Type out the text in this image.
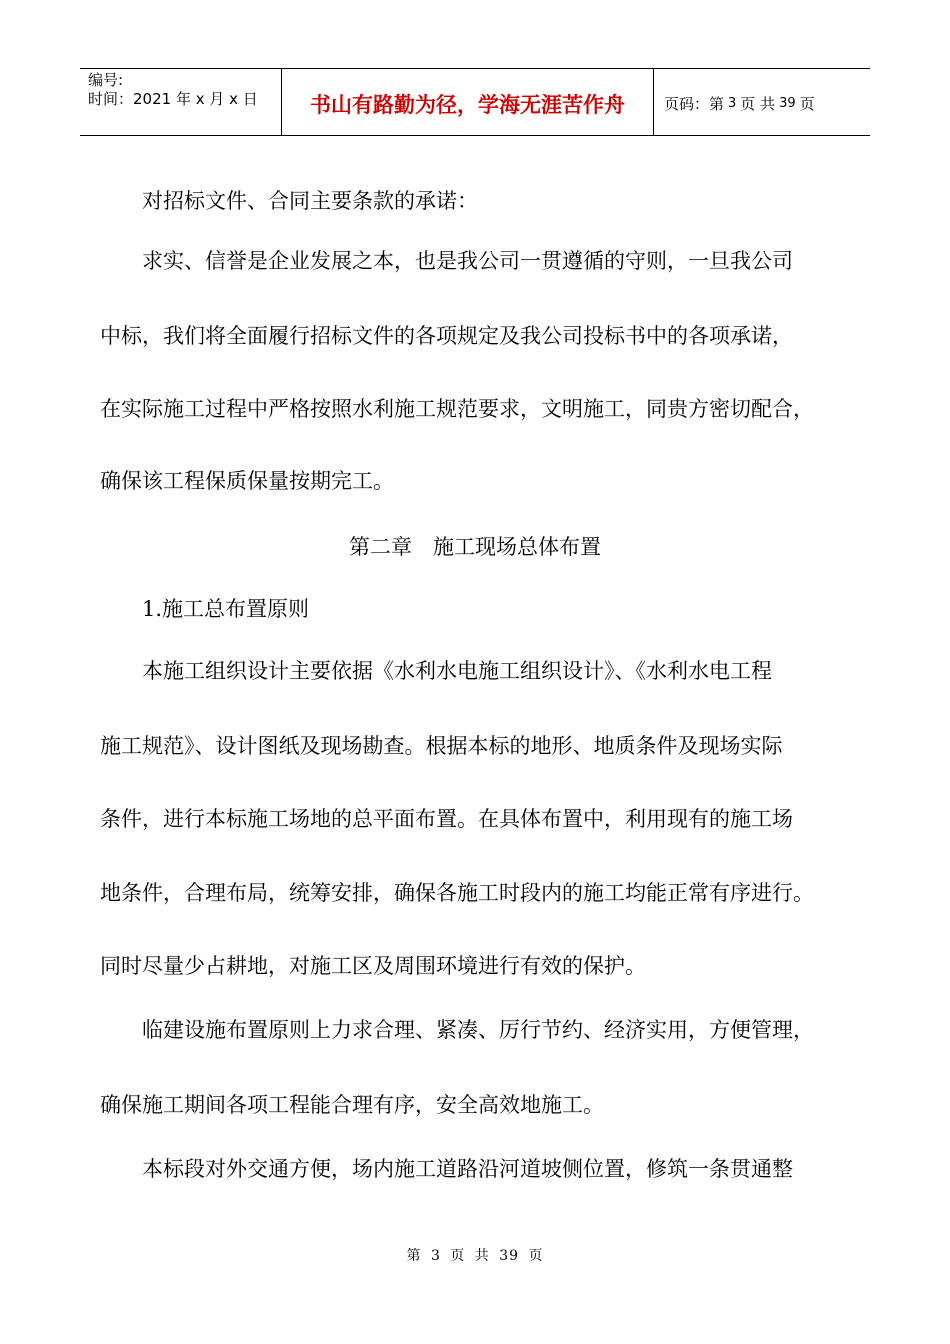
编号:
时间：2021 年 x 月 x 日	书山有路勤为径，学海无涯苦作舟	页码：第 3 页 共 39 页

　　对招标文件、合同主要条款的承诺：

　　求实、信誉是企业发展之本，也是我公司一贯遵循的守则，一旦我公司

中标，我们将全面履行招标文件的各项规定及我公司投标书中的各项承诺，

在实际施工过程中严格按照水利施工规范要求，文明施工，同贵方密切配合，

确保该工程保质保量按期完工。

第二章　施工现场总体布置

　　1.施工总布置原则

　　本施工组织设计主要依据《水利水电施工组织设计》、《水利水电工程

施工规范》、设计图纸及现场勘查。根据本标的地形、地质条件及现场实际

条件，进行本标施工场地的总平面布置。在具体布置中，利用现有的施工场

地条件，合理布局，统筹安排，确保各施工时段内的施工均能正常有序进行。

同时尽量少占耕地，对施工区及周围环境进行有效的保护。

　　临建设施布置原则上力求合理、紧凑、厉行节约、经济实用，方便管理，

确保施工期间各项工程能合理有序，安全高效地施工。

　　本标段对外交通方便，场内施工道路沿河道坡侧位置，修筑一条贯通整

第 3 页 共 39 页
